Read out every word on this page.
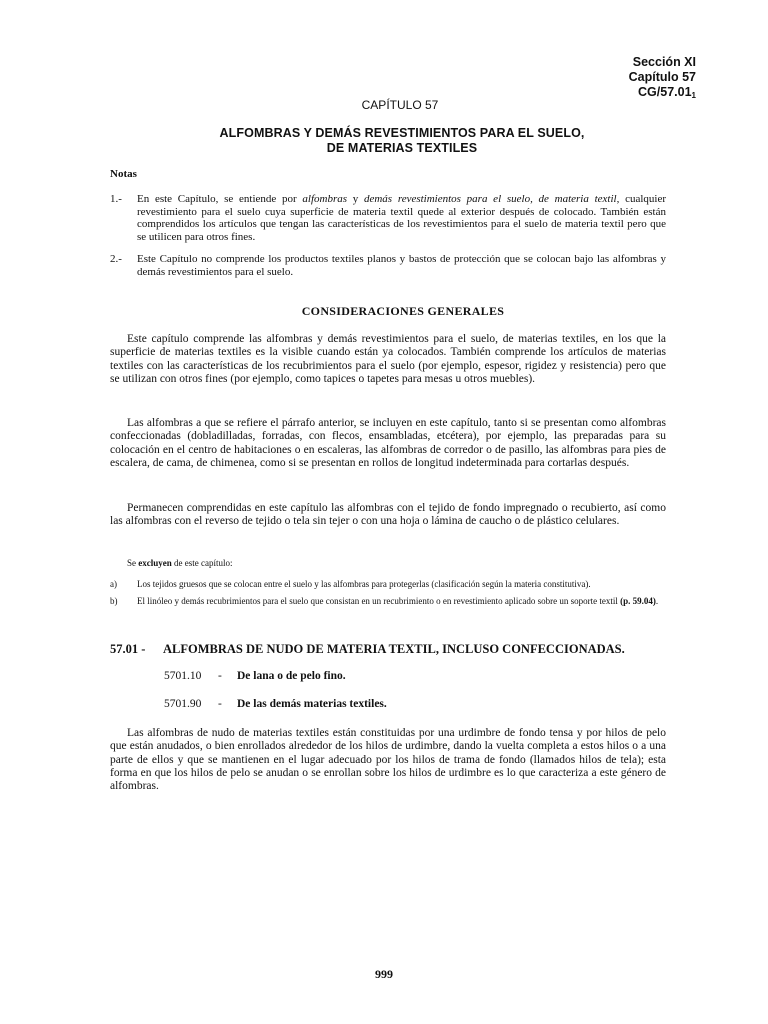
Sección XI
Capítulo 57
$CG/57.01_1$
CAPÍTULO 57
ALFOMBRAS Y DEMÁS REVESTIMIENTOS PARA EL SUELO,
DE MATERIAS TEXTILES
Notas
1.- En este Capítulo, se entiende por alfombras y demás revestimientos para el suelo, de materia textil, cualquier revestimiento para el suelo cuya superficie de materia textil quede al exterior después de colocado. También están comprendidos los artículos que tengan las características de los revestimientos para el suelo de materia textil pero que se utilicen para otros fines.
2.- Este Capítulo no comprende los productos textiles planos y bastos de protección que se colocan bajo las alfombras y demás revestimientos para el suelo.
CONSIDERACIONES GENERALES
Este capítulo comprende las alfombras y demás revestimientos para el suelo, de materias textiles, en los que la superficie de materias textiles es la visible cuando están ya colocados. También comprende los artículos de materias textiles con las características de los recubrimientos para el suelo (por ejemplo, espesor, rigidez y resistencia) pero que se utilizan con otros fines (por ejemplo, como tapices o tapetes para mesas u otros muebles).
Las alfombras a que se refiere el párrafo anterior, se incluyen en este capítulo, tanto si se presentan como alfombras confeccionadas (dobladilladas, forradas, con flecos, ensambladas, etcétera), por ejemplo, las preparadas para su colocación en el centro de habitaciones o en escaleras, las alfombras de corredor o de pasillo, las alfombras para pies de escalera, de cama, de chimenea, como si se presentan en rollos de longitud indeterminada para cortarlas después.
Permanecen comprendidas en este capítulo las alfombras con el tejido de fondo impregnado o recubierto, así como las alfombras con el reverso de tejido o tela sin tejer o con una hoja o lámina de caucho o de plástico celulares.
Se excluyen de este capítulo:
a) Los tejidos gruesos que se colocan entre el suelo y las alfombras para protegerlas (clasificación según la materia constitutiva).
b) El linóleo y demás recubrimientos para el suelo que consistan en un recubrimiento o en revestimiento aplicado sobre un soporte textil (p. 59.04).
57.01 - ALFOMBRAS DE NUDO DE MATERIA TEXTIL, INCLUSO CONFECCIONADAS.
5701.10 - De lana o de pelo fino.
5701.90 - De las demás materias textiles.
Las alfombras de nudo de materias textiles están constituidas por una urdimbre de fondo tensa y por hilos de pelo que están anudados, o bien enrollados alrededor de los hilos de urdimbre, dando la vuelta completa a estos hilos o a una parte de ellos y que se mantienen en el lugar adecuado por los hilos de trama de fondo (llamados hilos de tela); esta forma en que los hilos de pelo se anudan o se enrollan sobre los hilos de urdimbre es lo que caracteriza a este género de alfombras.
999
